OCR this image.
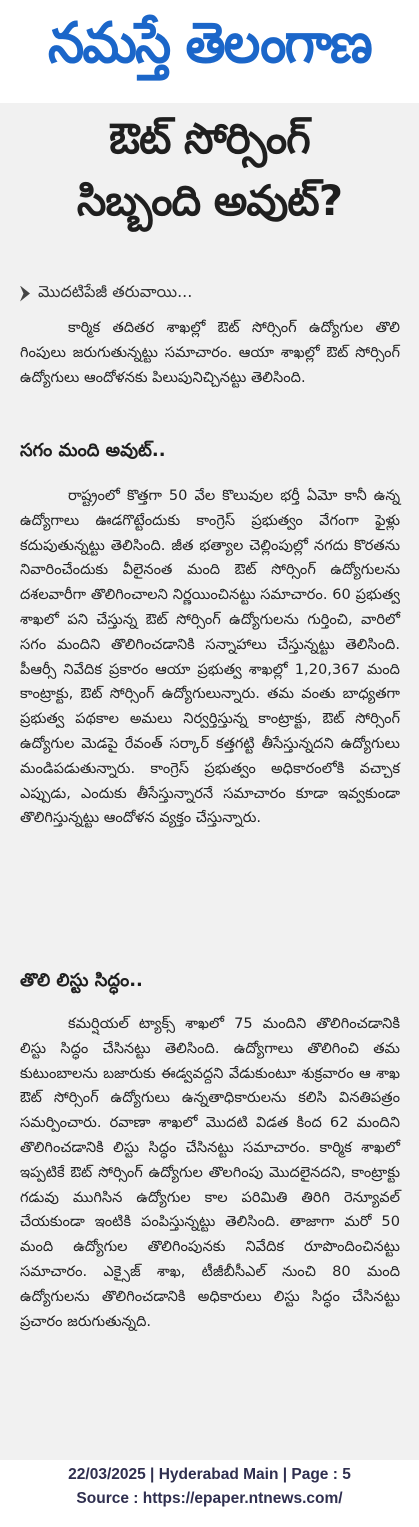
నమస్తే తెలంగాణ
ఔట్ సోర్సింగ్
సిబ్బంది అవుట్?
మొదటిపేజీ తరువాయి...
కార్మిక తదితర శాఖల్లో ఔట్ సోర్సింగ్ ఉద్యోగుల తొలి గింపులు జరుగుతున్నట్టు సమాచారం. ఆయా శాఖల్లో ఔట్ సోర్సింగ్ ఉద్యోగులు ఆందోళనకు పిలుపునిచ్చినట్టు తెలిసింది.
సగం మంది అవుట్..
రాష్ట్రంలో కొత్తగా 50 వేల కొలువుల భర్తీ ఏమో కానీ ఉన్న ఉద్యోగాలు ఊడగొట్టేందుకు కాంగ్రెస్ ప్రభుత్వం వేగంగా ఫైళ్లు కదుపుతున్నట్టు తెలిసింది. జీత భత్యాల చెల్లింపుల్లో నగదు కొరతను నివారించేందుకు వీలైనంత మంది ఔట్ సోర్సింగ్ ఉద్యోగులను దశలవారీగా తొలిగించాలని నిర్ణయించినట్టు సమాచారం. 60 ప్రభుత్వ శాఖలో పని చేస్తున్న ఔట్ సోర్సింగ్ ఉద్యోగులను గుర్తించి, వారిలో సగం మందిని తొలిగించడానికి సన్నాహాలు చేస్తున్నట్టు తెలిసింది. పీఆర్సీ నివేదిక ప్రకారం ఆయా ప్రభుత్వ శాఖల్లో 1,20,367 మంది కాంట్రాక్టు, ఔట్ సోర్సింగ్ ఉద్యోగులున్నారు. తమ వంతు బాధ్యతగా ప్రభుత్వ పథకాల అమలు నిర్వర్తిస్తున్న కాంట్రాక్టు, ఔట్ సోర్సింగ్ ఉద్యోగుల మెడపై రేవంత్ సర్కార్ కత్తగట్టి తీసేస్తున్నదని ఉద్యోగులు మండిపడుతున్నారు. కాంగ్రెస్ ప్రభుత్వం అధికారంలోకి వచ్చాక ఎప్పుడు, ఎందుకు తీసేస్తున్నారనే సమాచారం కూడా ఇవ్వకుండా తొలిగిస్తున్నట్టు ఆందోళన వ్యక్తం చేస్తున్నారు.
తొలి లిస్టు సిద్ధం..
కమర్షియల్ ట్యాక్స్ శాఖలో 75 మందిని తొలిగించడానికి లిస్టు సిద్ధం చేసినట్టు తెలిసింది. ఉద్యోగాలు తొలిగించి తమ కుటుంబాలను బజారుకు ఈడ్వవద్దని వేడుకుంటూ శుక్రవారం ఆ శాఖ ఔట్ సోర్సింగ్ ఉద్యోగులు ఉన్నతాధికారులను కలిసి వినతిపత్రం సమర్పించారు. రవాణా శాఖలో మొదటి విడత కింద 62 మందిని తొలిగించడానికి లిస్టు సిద్ధం చేసినట్టు సమాచారం. కార్మిక శాఖలో ఇప్పటికే ఔట్ సోర్సింగ్ ఉద్యోగుల తొలగింపు మొదలైనదని, కాంట్రాక్టు గడువు ముగిసిన ఉద్యోగుల కాల పరిమితి తిరిగి రెన్యూవల్ చేయకుండా ఇంటికి పంపిస్తున్నట్టు తెలిసింది. తాజాగా మరో 50 మంది ఉద్యోగుల తొలిగింపునకు నివేదిక రూపొందించినట్టు సమాచారం. ఎక్సైజ్ శాఖ, టీజీబీసీఎల్ నుంచి 80 మంది ఉద్యోగులను తొలిగించడానికి అధికారులు లిస్టు సిద్ధం చేసినట్టు ప్రచారం జరుగుతున్నది.
22/03/2025 | Hyderabad Main | Page : 5
Source : https://epaper.ntnews.com/
